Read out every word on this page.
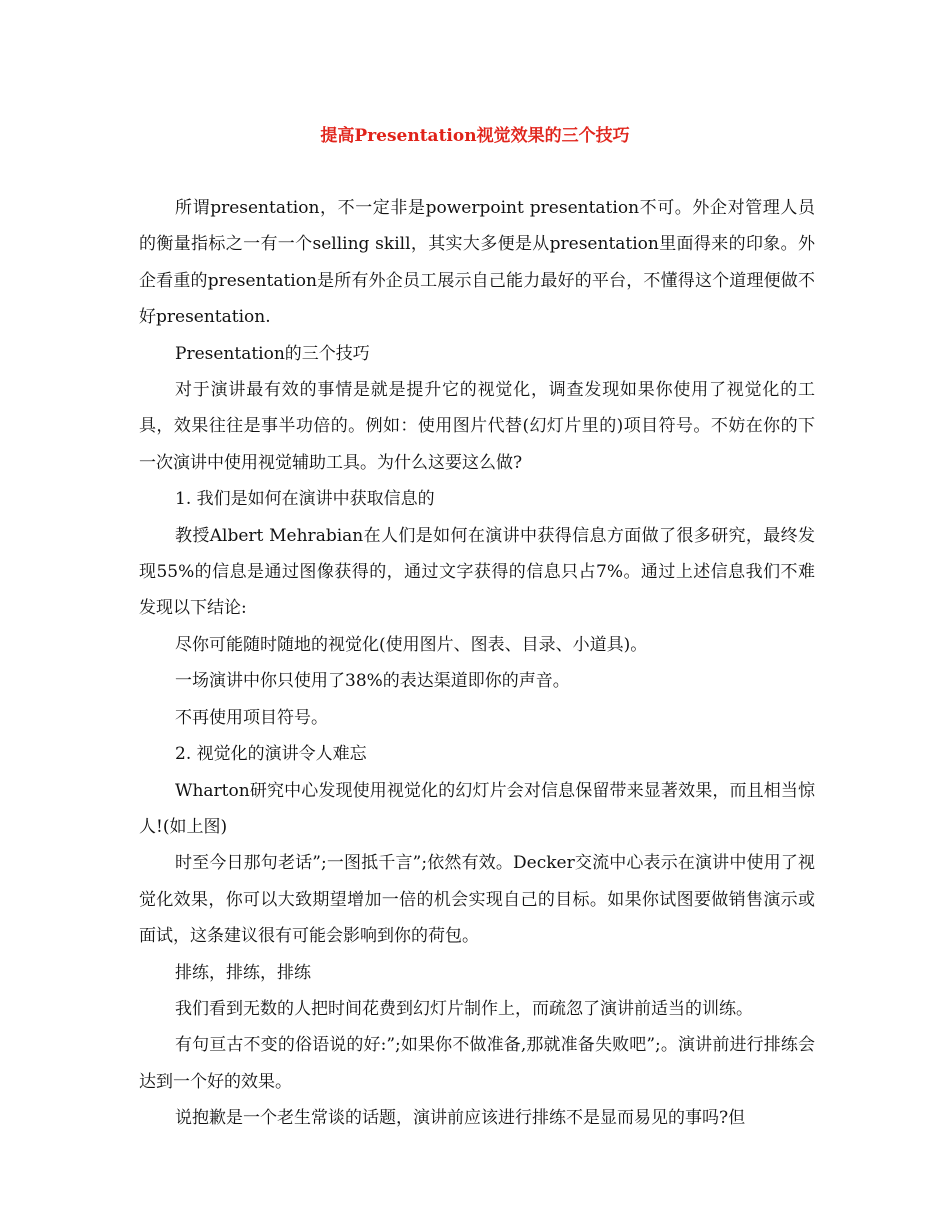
提高Presentation视觉效果的三个技巧

所谓presentation，不一定非是powerpoint presentation不可。外企对管理人员的衡量指标之一有一个selling skill，其实大多便是从presentation里面得来的印象。外企看重的presentation是所有外企员工展示自己能力最好的平台，不懂得这个道理便做不好presentation.

Presentation的三个技巧

对于演讲最有效的事情是就是提升它的视觉化，调查发现如果你使用了视觉化的工具，效果往往是事半功倍的。例如：使用图片代替(幻灯片里的)项目符号。不妨在你的下一次演讲中使用视觉辅助工具。为什么这要这么做?

1. 我们是如何在演讲中获取信息的

教授Albert Mehrabian在人们是如何在演讲中获得信息方面做了很多研究，最终发现55%的信息是通过图像获得的，通过文字获得的信息只占7%。通过上述信息我们不难发现以下结论:

尽你可能随时随地的视觉化(使用图片、图表、目录、小道具)。

一场演讲中你只使用了38%的表达渠道即你的声音。

不再使用项目符号。

2. 视觉化的演讲令人难忘

Wharton研究中心发现使用视觉化的幻灯片会对信息保留带来显著效果，而且相当惊人!(如上图)

时至今日那句老话”;一图抵千言”;依然有效。Decker交流中心表示在演讲中使用了视觉化效果，你可以大致期望增加一倍的机会实现自己的目标。如果你试图要做销售演示或面试，这条建议很有可能会影响到你的荷包。

排练，排练，排练

我们看到无数的人把时间花费到幻灯片制作上，而疏忽了演讲前适当的训练。

有句亘古不变的俗语说的好:”;如果你不做准备,那就准备失败吧”;。演讲前进行排练会达到一个好的效果。

说抱歉是一个老生常谈的话题，演讲前应该进行排练不是显而易见的事吗?但
